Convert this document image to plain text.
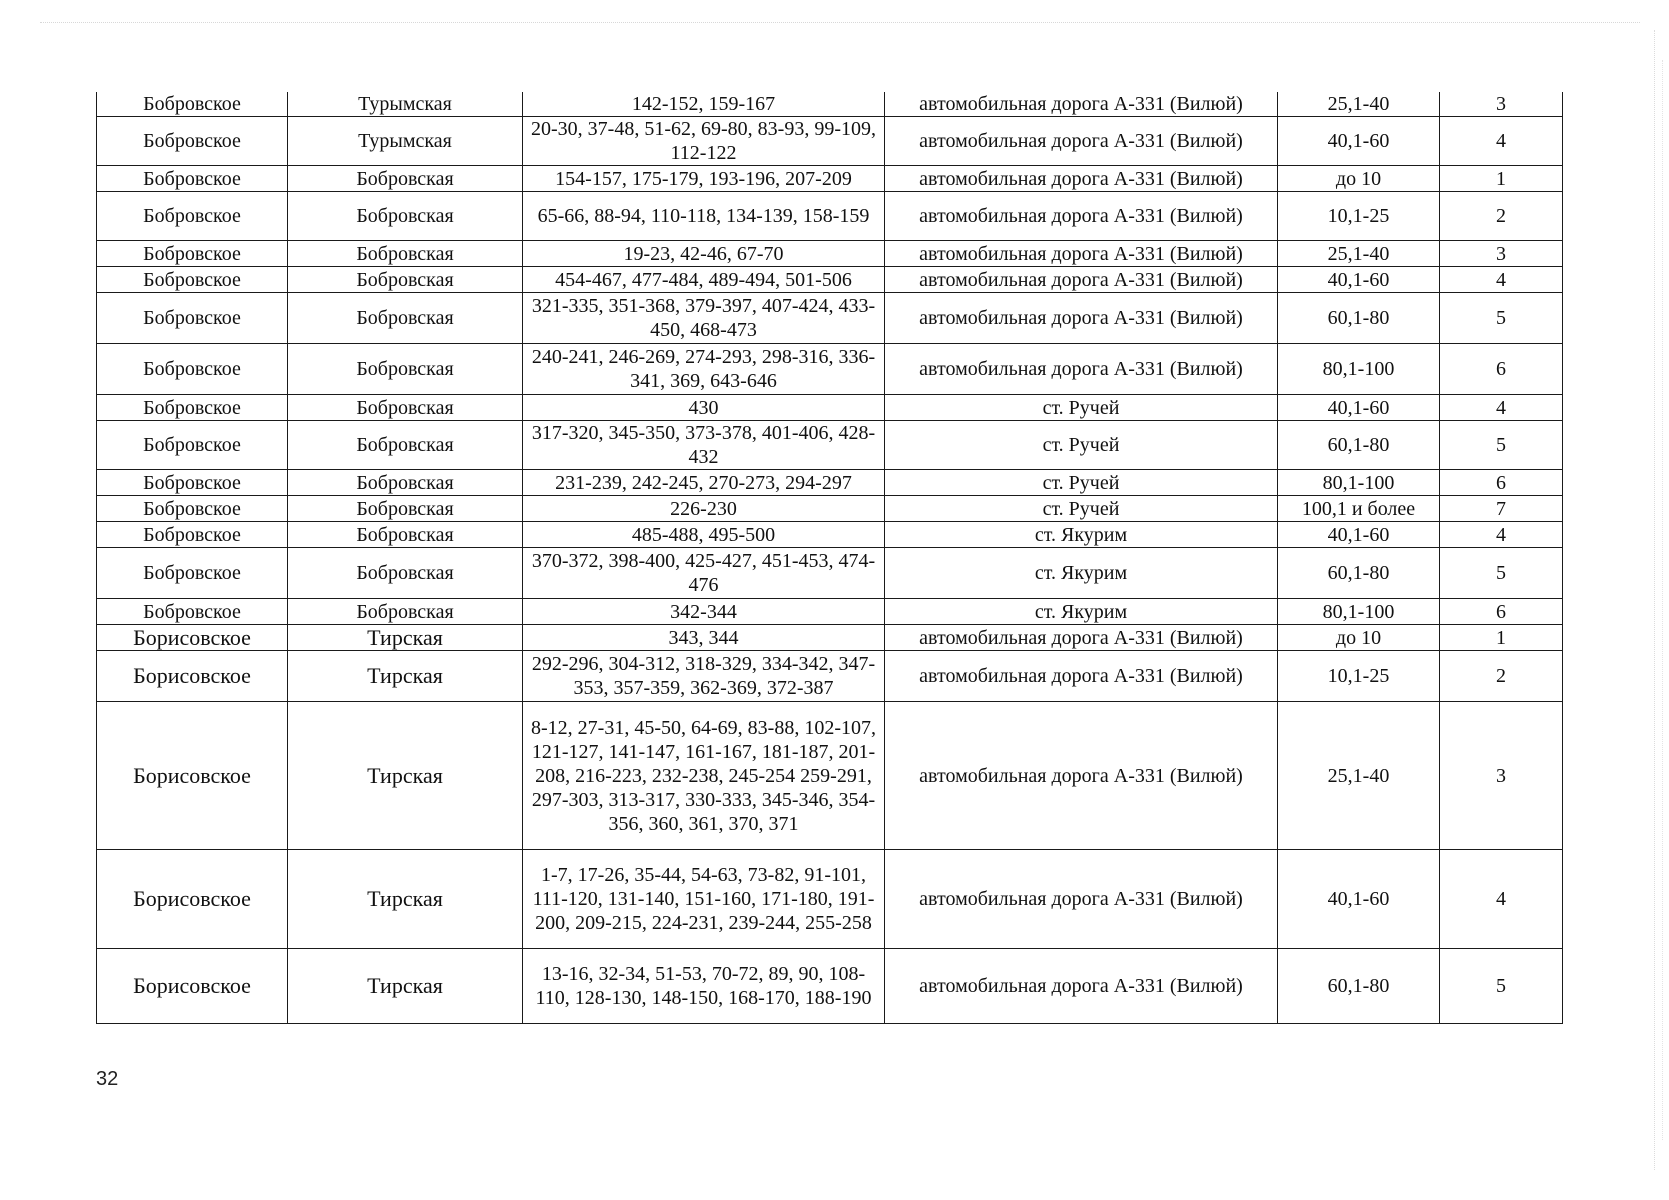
Бобровское	Турымская	142-152, 159-167	автомобильная дорога А-331 (Вилюй)	25,1-40	3
Бобровское	Турымская	20-30, 37-48, 51-62, 69-80, 83-93, 99-109, 112-122	автомобильная дорога А-331 (Вилюй)	40,1-60	4
Бобровское	Бобровская	154-157, 175-179, 193-196, 207-209	автомобильная дорога А-331 (Вилюй)	до 10	1
Бобровское	Бобровская	65-66, 88-94, 110-118, 134-139, 158-159	автомобильная дорога А-331 (Вилюй)	10,1-25	2
Бобровское	Бобровская	19-23, 42-46, 67-70	автомобильная дорога А-331 (Вилюй)	25,1-40	3
Бобровское	Бобровская	454-467, 477-484, 489-494, 501-506	автомобильная дорога А-331 (Вилюй)	40,1-60	4
Бобровское	Бобровская	321-335, 351-368, 379-397, 407-424, 433-450, 468-473	автомобильная дорога А-331 (Вилюй)	60,1-80	5
Бобровское	Бобровская	240-241, 246-269, 274-293, 298-316, 336-341, 369, 643-646	автомобильная дорога А-331 (Вилюй)	80,1-100	6
Бобровское	Бобровская	430	ст. Ручей	40,1-60	4
Бобровское	Бобровская	317-320, 345-350, 373-378, 401-406, 428-432	ст. Ручей	60,1-80	5
Бобровское	Бобровская	231-239, 242-245, 270-273, 294-297	ст. Ручей	80,1-100	6
Бобровское	Бобровская	226-230	ст. Ручей	100,1 и более	7
Бобровское	Бобровская	485-488, 495-500	ст. Якурим	40,1-60	4
Бобровское	Бобровская	370-372, 398-400, 425-427, 451-453, 474-476	ст. Якурим	60,1-80	5
Бобровское	Бобровская	342-344	ст. Якурим	80,1-100	6
Борисовское	Тирская	343, 344	автомобильная дорога А-331 (Вилюй)	до 10	1
Борисовское	Тирская	292-296, 304-312, 318-329, 334-342, 347-353, 357-359, 362-369, 372-387	автомобильная дорога А-331 (Вилюй)	10,1-25	2
Борисовское	Тирская	8-12, 27-31, 45-50, 64-69, 83-88, 102-107, 121-127, 141-147, 161-167, 181-187, 201-208, 216-223, 232-238, 245-254 259-291, 297-303, 313-317, 330-333, 345-346, 354-356, 360, 361, 370, 371	автомобильная дорога А-331 (Вилюй)	25,1-40	3
Борисовское	Тирская	1-7, 17-26, 35-44, 54-63, 73-82, 91-101, 111-120, 131-140, 151-160, 171-180, 191-200, 209-215, 224-231, 239-244, 255-258	автомобильная дорога А-331 (Вилюй)	40,1-60	4
Борисовское	Тирская	13-16, 32-34, 51-53, 70-72, 89, 90, 108-110, 128-130, 148-150, 168-170, 188-190	автомобильная дорога А-331 (Вилюй)	60,1-80	5
32
